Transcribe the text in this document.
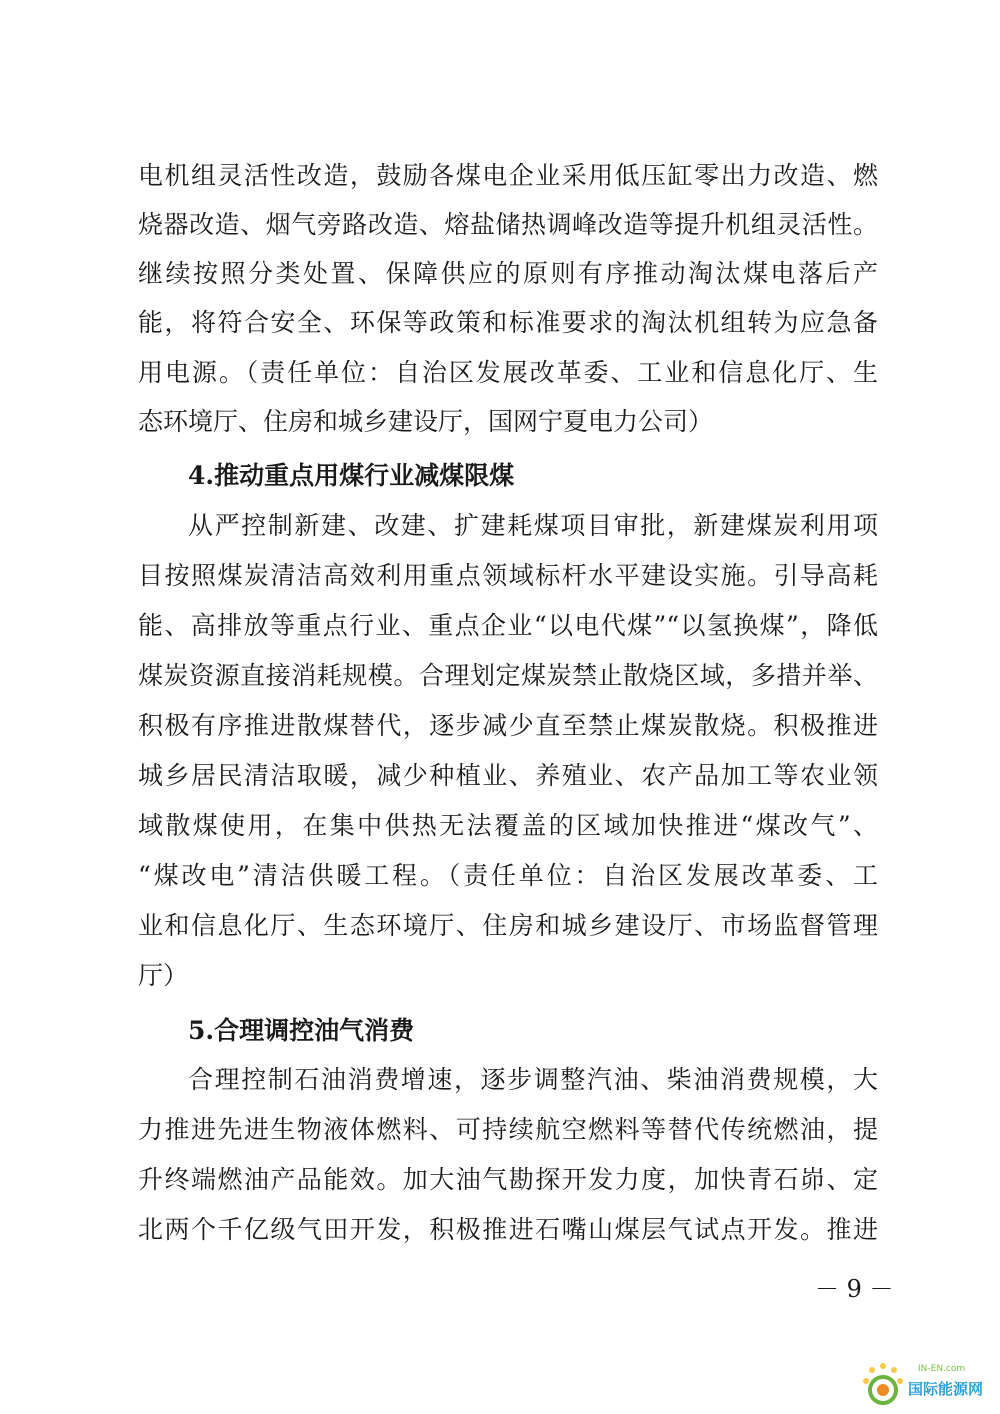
电机组灵活性改造，鼓励各煤电企业采用低压缸零出力改造、燃
烧器改造、烟气旁路改造、熔盐储热调峰改造等提升机组灵活性。
继续按照分类处置、保障供应的原则有序推动淘汰煤电落后产
能，将符合安全、环保等政策和标准要求的淘汰机组转为应急备
用电源。（责任单位：自治区发展改革委、工业和信息化厅、生
态环境厅、住房和城乡建设厅，国网宁夏电力公司）
4.推动重点用煤行业减煤限煤
从严控制新建、改建、扩建耗煤项目审批，新建煤炭利用项
目按照煤炭清洁高效利用重点领域标杆水平建设实施。引导高耗
能、高排放等重点行业、重点企业“以电代煤”“以氢换煤”，降低
煤炭资源直接消耗规模。合理划定煤炭禁止散烧区域，多措并举、
积极有序推进散煤替代，逐步减少直至禁止煤炭散烧。积极推进
城乡居民清洁取暖，减少种植业、养殖业、农产品加工等农业领
域散煤使用，在集中供热无法覆盖的区域加快推进“煤改气”、
“煤改电”清洁供暖工程。（责任单位：自治区发展改革委、工
业和信息化厅、生态环境厅、住房和城乡建设厅、市场监督管理
厅）
5.合理调控油气消费
合理控制石油消费增速，逐步调整汽油、柴油消费规模，大
力推进先进生物液体燃料、可持续航空燃料等替代传统燃油，提
升终端燃油产品能效。加大油气勘探开发力度，加快青石峁、定
北两个千亿级气田开发，积极推进石嘴山煤层气试点开发。推进
－ 9 －
IN-EN.com
国际能源网
